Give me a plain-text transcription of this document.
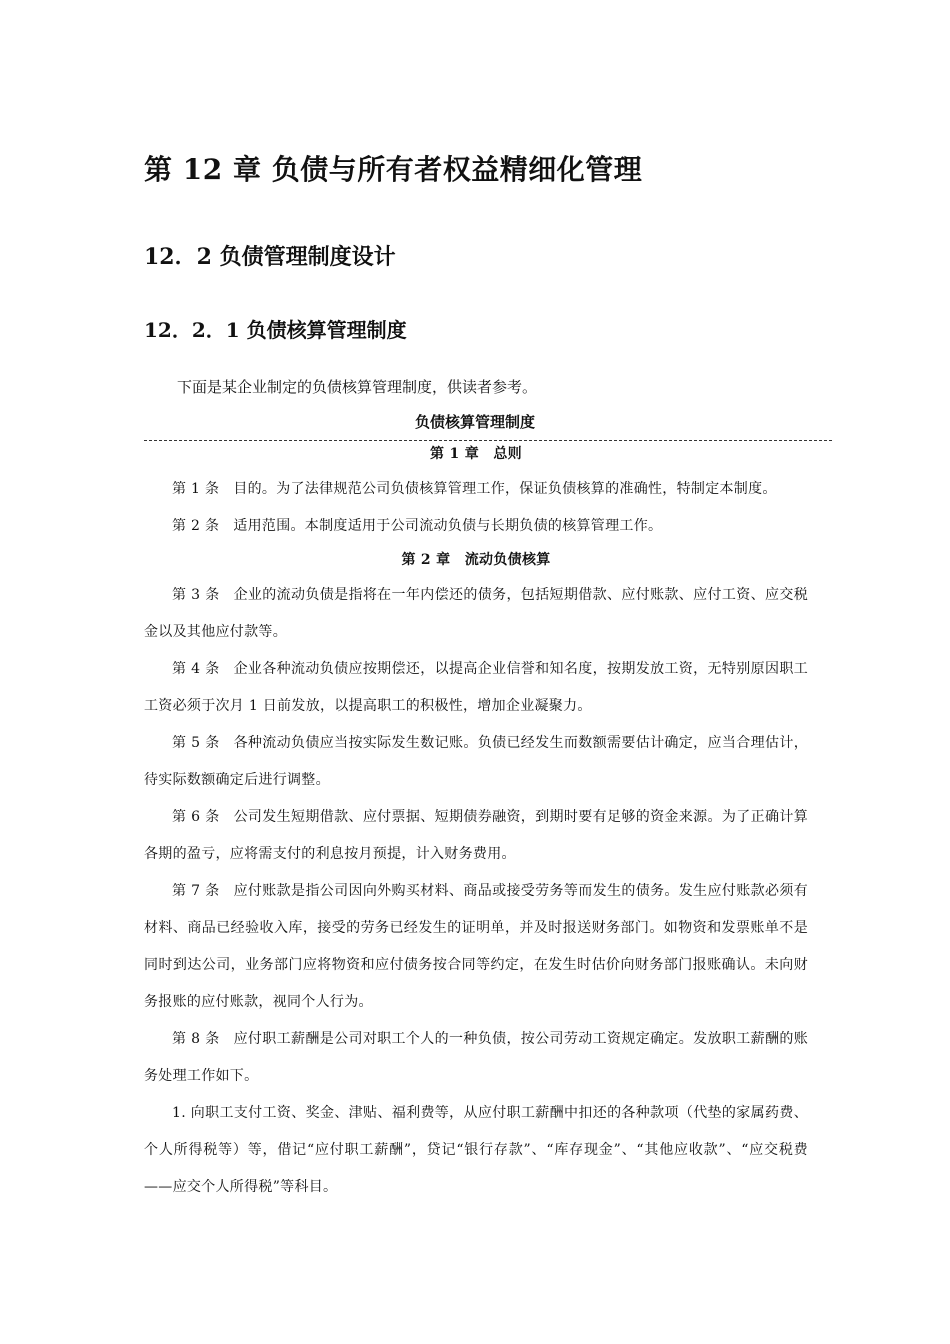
第 12 章 负债与所有者权益精细化管理
12．2 负债管理制度设计
12．2．1 负债核算管理制度
下面是某企业制定的负债核算管理制度，供读者参考。
负债核算管理制度
第 1 章　总则
第 1 条 目的。为了法律规范公司负债核算管理工作，保证负债核算的准确性，特制定本制度。
第 2 条 适用范围。本制度适用于公司流动负债与长期负债的核算管理工作。
第 2 章　流动负债核算
第 3 条 企业的流动负债是指将在一年内偿还的债务，包括短期借款、应付账款、应付工资、应交税金以及其他应付款等。
第 4 条 企业各种流动负债应按期偿还，以提高企业信誉和知名度，按期发放工资，无特别原因职工工资必须于次月 1 日前发放，以提高职工的积极性，增加企业凝聚力。
第 5 条 各种流动负债应当按实际发生数记账。负债已经发生而数额需要估计确定，应当合理估计，待实际数额确定后进行调整。
第 6 条 公司发生短期借款、应付票据、短期债券融资，到期时要有足够的资金来源。为了正确计算各期的盈亏，应将需支付的利息按月预提，计入财务费用。
第 7 条 应付账款是指公司因向外购买材料、商品或接受劳务等而发生的债务。发生应付账款必须有材料、商品已经验收入库，接受的劳务已经发生的证明单，并及时报送财务部门。如物资和发票账单不是同时到达公司，业务部门应将物资和应付债务按合同等约定，在发生时估价向财务部门报账确认。未向财务报账的应付账款，视同个人行为。
第 8 条 应付职工薪酬是公司对职工个人的一种负债，按公司劳动工资规定确定。发放职工薪酬的账务处理工作如下。
1. 向职工支付工资、奖金、津贴、福利费等，从应付职工薪酬中扣还的各种款项（代垫的家属药费、个人所得税等）等，借记“应付职工薪酬”，贷记“银行存款”、“库存现金”、“其他应收款”、“应交税费——应交个人所得税”等科目。
